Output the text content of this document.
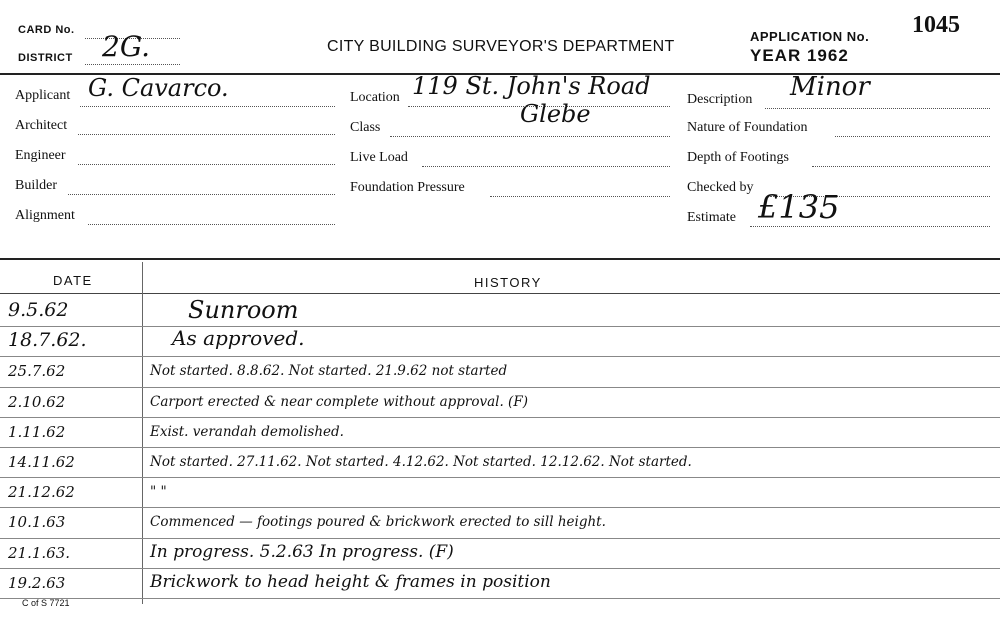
CARD No.
DISTRICT 2G.	CITY BUILDING SURVEYOR'S DEPARTMENT
APPLICATION No.
YEAR 1962
1045
Applicant G. Cavarco.
Architect
Engineer
Builder
Alignment
Location 119 St. John's Road
Glebe
Class
Live Load
Foundation Pressure
Description Minor
Nature of Foundation
Depth of Footings
Checked by
Estimate £135
DATE	HISTORY
9.5.62	Sunroom
18.7.62.	As approved.
25.7.62	Not started. 8.8.62. Not started. 21.9.62 not started
2.10.62	Carport erected & near complete without approval. (F)
1.11.62	Exist. verandah demolished.
14.11.62	Not started. 27.11.62. Not started. 4.12.62. Not started. 12.12.62. Not started.
21.12.62	" "
10.1.63	Commenced — footings poured & brickwork erected to sill height.
21.1.63.	In progress. 5.2.63 In progress. (F)
19.2.63	Brickwork to head height & frames in position
C of S 7721
